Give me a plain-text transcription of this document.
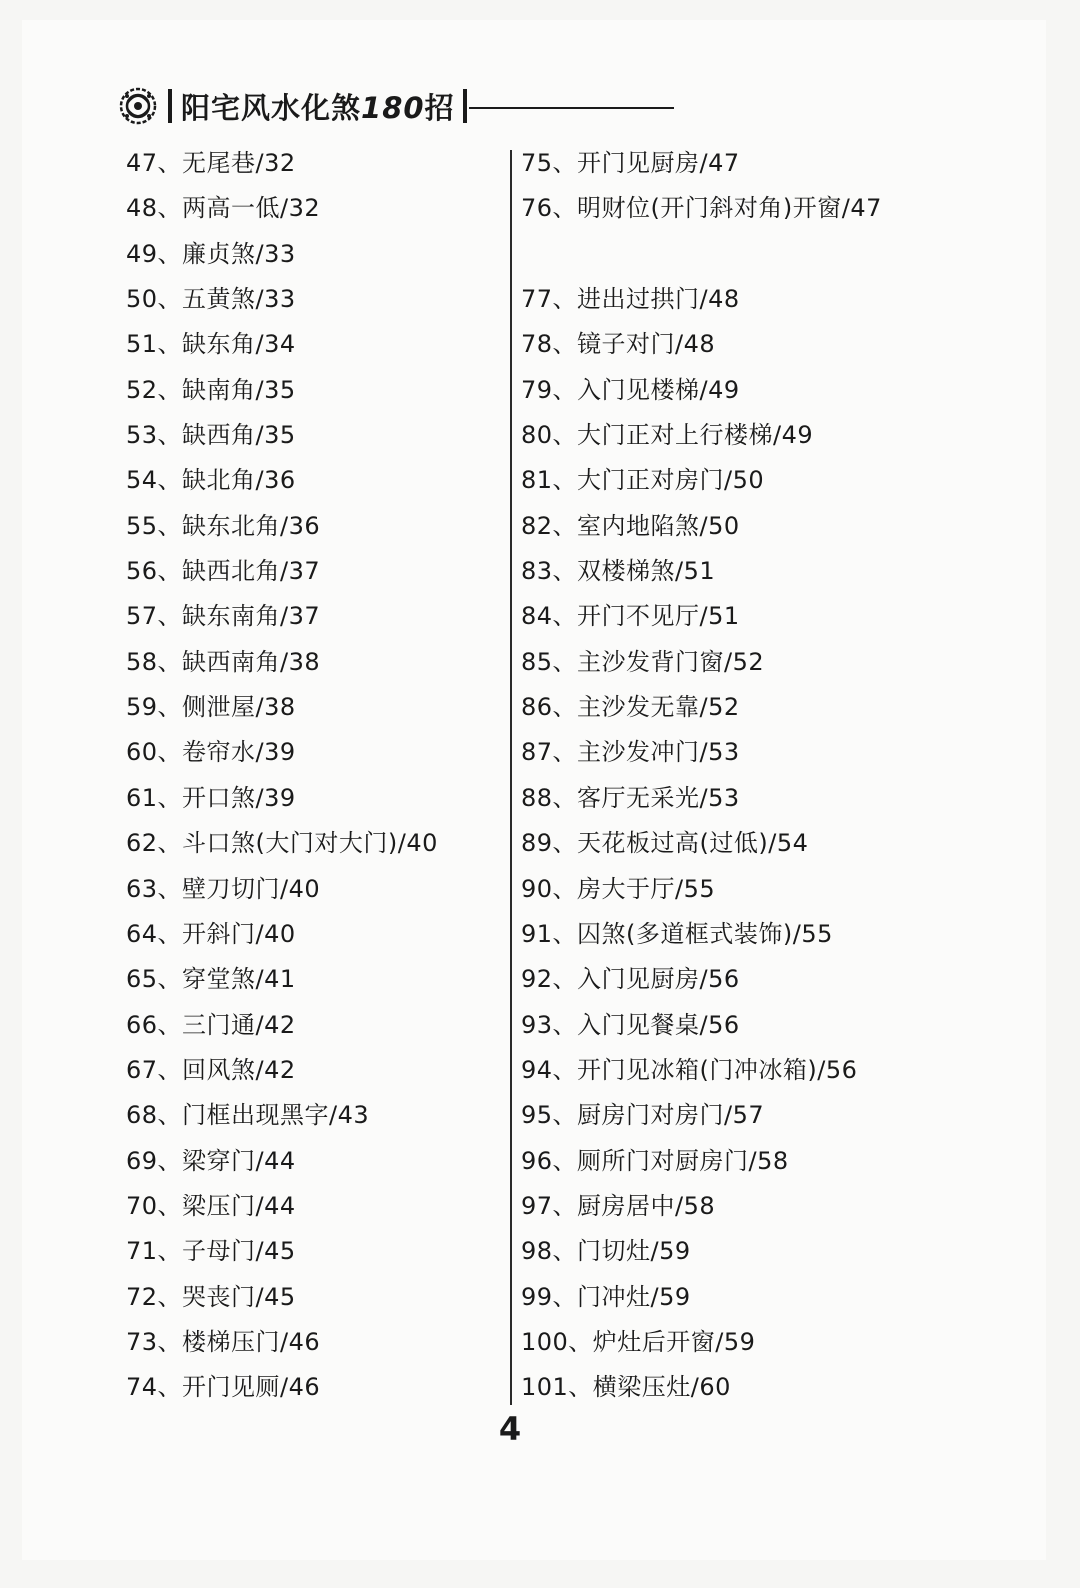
阳宅风水化煞180招
47、无尾巷/32
48、两高一低/32
49、廉贞煞/33
50、五黄煞/33
51、缺东角/34
52、缺南角/35
53、缺西角/35
54、缺北角/36
55、缺东北角/36
56、缺西北角/37
57、缺东南角/37
58、缺西南角/38
59、侧泄屋/38
60、卷帘水/39
61、开口煞/39
62、斗口煞(大门对大门)/40
63、壁刀切门/40
64、开斜门/40
65、穿堂煞/41
66、三门通/42
67、回风煞/42
68、门框出现黑字/43
69、梁穿门/44
70、梁压门/44
71、子母门/45
72、哭丧门/45
73、楼梯压门/46
74、开门见厕/46
75、开门见厨房/47
76、明财位(开门斜对角)开窗/47
77、进出过拱门/48
78、镜子对门/48
79、入门见楼梯/49
80、大门正对上行楼梯/49
81、大门正对房门/50
82、室内地陷煞/50
83、双楼梯煞/51
84、开门不见厅/51
85、主沙发背门窗/52
86、主沙发无靠/52
87、主沙发冲门/53
88、客厅无采光/53
89、天花板过高(过低)/54
90、房大于厅/55
91、囚煞(多道框式装饰)/55
92、入门见厨房/56
93、入门见餐桌/56
94、开门见冰箱(门冲冰箱)/56
95、厨房门对房门/57
96、厕所门对厨房门/58
97、厨房居中/58
98、门切灶/59
99、门冲灶/59
100、炉灶后开窗/59
101、横梁压灶/60
4
